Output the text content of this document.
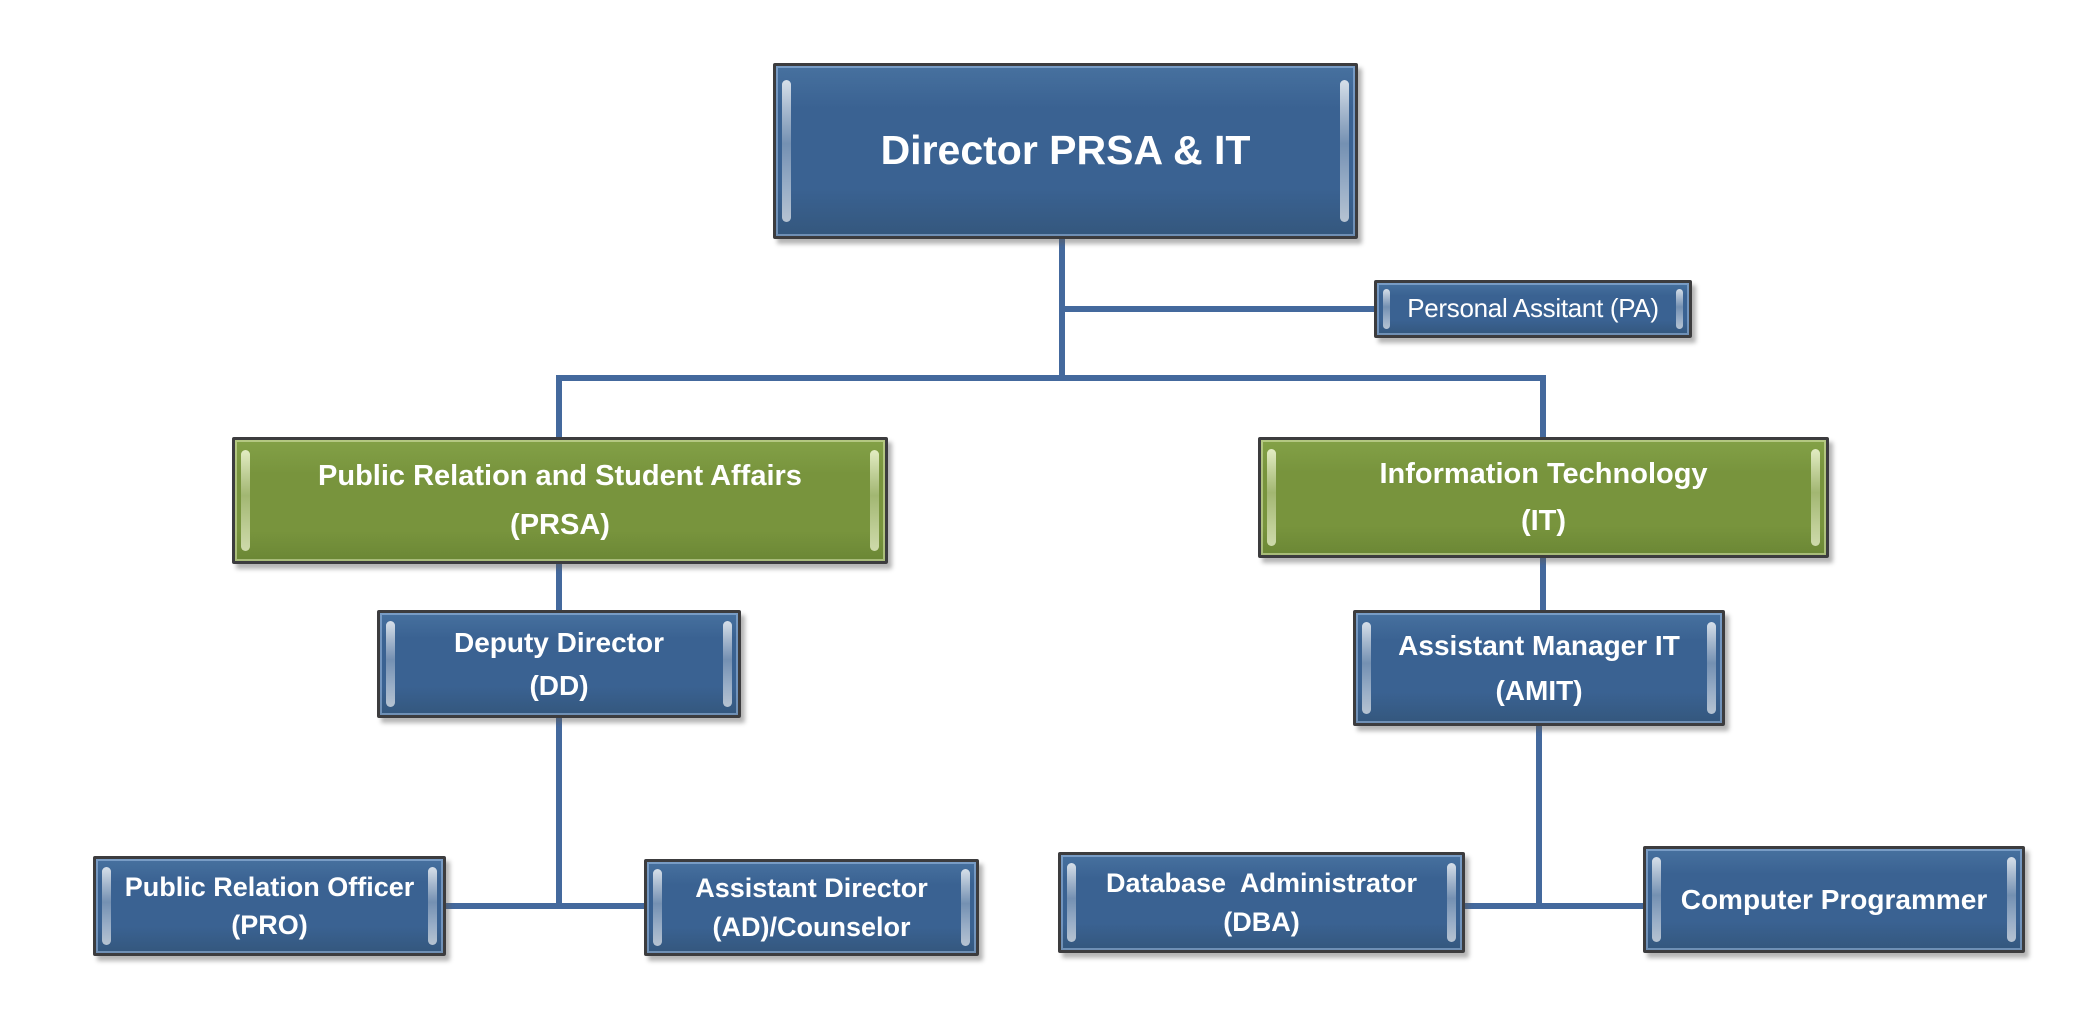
Director PRSA & IT
Personal Assitant (PA)
Public Relation and Student Affairs
(PRSA)
Information Technology
(IT)
Deputy Director
(DD)
Assistant Manager IT
(AMIT)
Public Relation Officer
(PRO)
Assistant Director
(AD)/Counselor
Database  Administrator
(DBA)
Computer Programmer
